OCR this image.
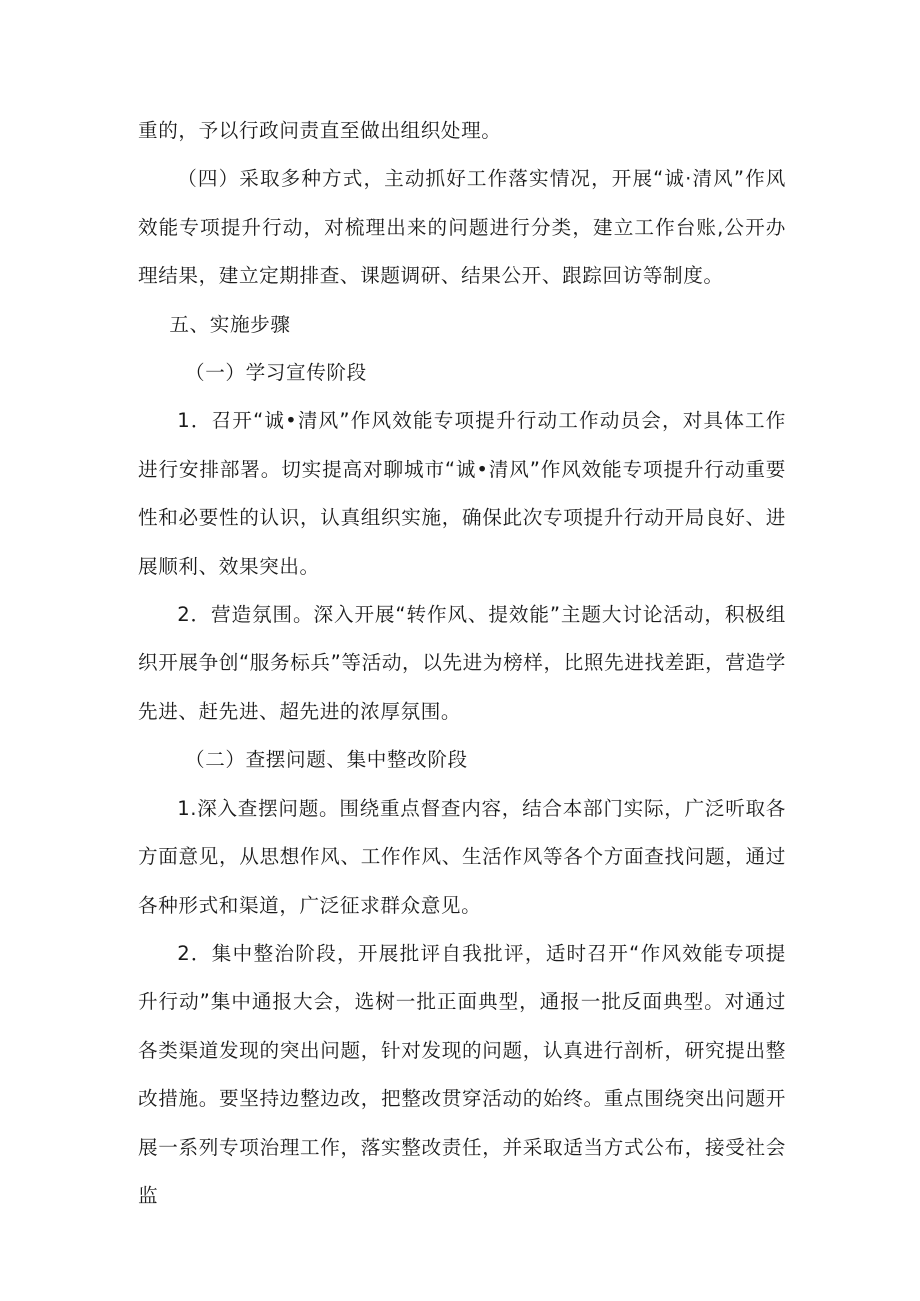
重的，予以行政问责直至做出组织处理。

（四）采取多种方式，主动抓好工作落实情况，开展“诚·清风”作风效能专项提升行动，对梳理出来的问题进行分类，建立工作台账,公开办理结果，建立定期排查、课题调研、结果公开、跟踪回访等制度。

五、实施步骤

（一）学习宣传阶段

1．召开“诚•清风”作风效能专项提升行动工作动员会，对具体工作进行安排部署。切实提高对聊城市“诚•清风”作风效能专项提升行动重要性和必要性的认识，认真组织实施，确保此次专项提升行动开局良好、进展顺利、效果突出。

2．营造氛围。深入开展“转作风、提效能”主题大讨论活动，积极组织开展争创“服务标兵”等活动，以先进为榜样，比照先进找差距，营造学先进、赶先进、超先进的浓厚氛围。

（二）查摆问题、集中整改阶段

1.深入查摆问题。围绕重点督查内容，结合本部门实际，广泛听取各方面意见，从思想作风、工作作风、生活作风等各个方面查找问题，通过各种形式和渠道，广泛征求群众意见。

2．集中整治阶段，开展批评自我批评，适时召开“作风效能专项提升行动”集中通报大会，选树一批正面典型，通报一批反面典型。对通过各类渠道发现的突出问题，针对发现的问题，认真进行剖析，研究提出整改措施。要坚持边整边改，把整改贯穿活动的始终。重点围绕突出问题开展一系列专项治理工作，落实整改责任，并采取适当方式公布，接受社会监
